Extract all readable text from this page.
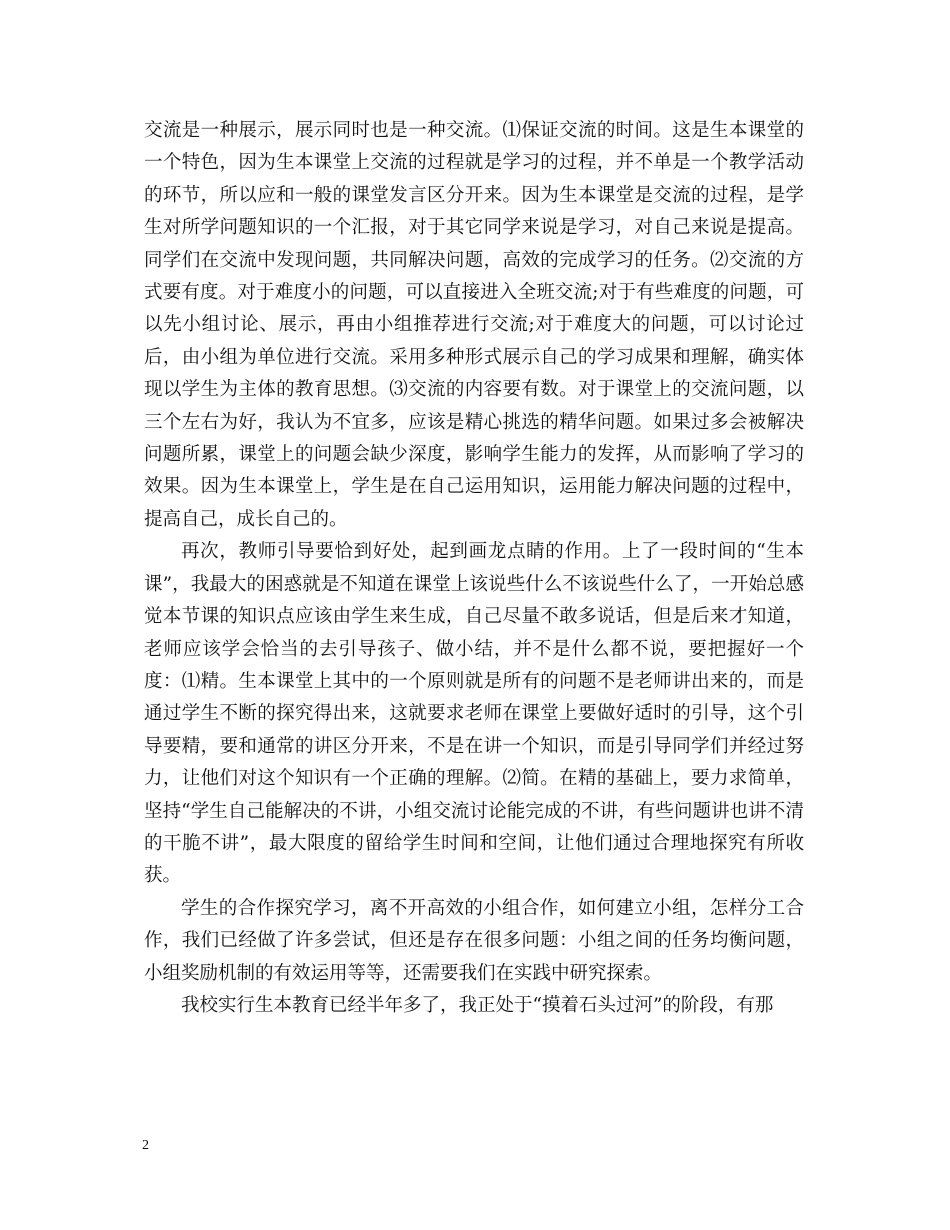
交流是一种展示，展示同时也是一种交流。⑴保证交流的时间。这是生本课堂的一个特色，因为生本课堂上交流的过程就是学习的过程，并不单是一个教学活动的环节，所以应和一般的课堂发言区分开来。因为生本课堂是交流的过程，是学生对所学问题知识的一个汇报，对于其它同学来说是学习，对自己来说是提高。同学们在交流中发现问题，共同解决问题，高效的完成学习的任务。⑵交流的方式要有度。对于难度小的问题，可以直接进入全班交流;对于有些难度的问题，可以先小组讨论、展示，再由小组推荐进行交流;对于难度大的问题，可以讨论过后，由小组为单位进行交流。采用多种形式展示自己的学习成果和理解，确实体现以学生为主体的教育思想。⑶交流的内容要有数。对于课堂上的交流问题，以三个左右为好，我认为不宜多，应该是精心挑选的精华问题。如果过多会被解决问题所累，课堂上的问题会缺少深度，影响学生能力的发挥，从而影响了学习的效果。因为生本课堂上，学生是在自己运用知识，运用能力解决问题的过程中，提高自己，成长自己的。

再次，教师引导要恰到好处，起到画龙点睛的作用。上了一段时间的“生本课”，我最大的困惑就是不知道在课堂上该说些什么不该说些什么了，一开始总感觉本节课的知识点应该由学生来生成，自己尽量不敢多说话，但是后来才知道，老师应该学会恰当的去引导孩子、做小结，并不是什么都不说，要把握好一个度：⑴精。生本课堂上其中的一个原则就是所有的问题不是老师讲出来的，而是通过学生不断的探究得出来，这就要求老师在课堂上要做好适时的引导，这个引导要精，要和通常的讲区分开来，不是在讲一个知识，而是引导同学们并经过努力，让他们对这个知识有一个正确的理解。⑵简。在精的基础上，要力求简单，坚持“学生自己能解决的不讲，小组交流讨论能完成的不讲，有些问题讲也讲不清的干脆不讲”，最大限度的留给学生时间和空间，让他们通过合理地探究有所收获。

学生的合作探究学习，离不开高效的小组合作，如何建立小组，怎样分工合作，我们已经做了许多尝试，但还是存在很多问题：小组之间的任务均衡问题，小组奖励机制的有效运用等等，还需要我们在实践中研究探索。

我校实行生本教育已经半年多了，我正处于“摸着石头过河”的阶段，有那

2
